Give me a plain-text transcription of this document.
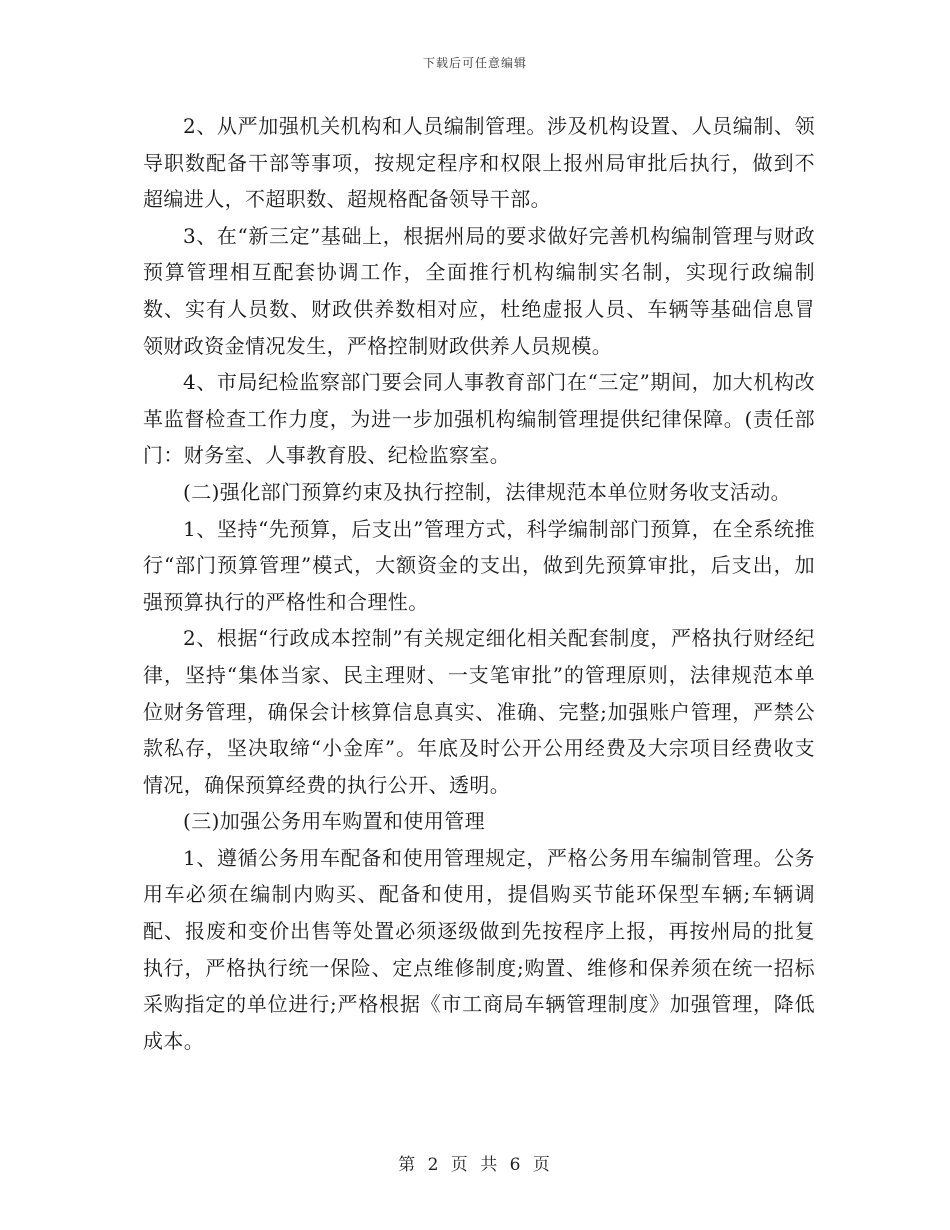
下载后可任意编辑

2、从严加强机关机构和人员编制管理。涉及机构设置、人员编制、领导职数配备干部等事项，按规定程序和权限上报州局审批后执行，做到不超编进人，不超职数、超规格配备领导干部。

3、在“新三定”基础上，根据州局的要求做好完善机构编制管理与财政预算管理相互配套协调工作，全面推行机构编制实名制，实现行政编制数、实有人员数、财政供养数相对应，杜绝虚报人员、车辆等基础信息冒领财政资金情况发生，严格控制财政供养人员规模。

4、市局纪检监察部门要会同人事教育部门在“三定”期间，加大机构改革监督检查工作力度，为进一步加强机构编制管理提供纪律保障。(责任部门：财务室、人事教育股、纪检监察室。

(二)强化部门预算约束及执行控制，法律规范本单位财务收支活动。

1、坚持“先预算，后支出”管理方式，科学编制部门预算，在全系统推行“部门预算管理”模式，大额资金的支出，做到先预算审批，后支出，加强预算执行的严格性和合理性。

2、根据“行政成本控制”有关规定细化相关配套制度，严格执行财经纪律，坚持“集体当家、民主理财、一支笔审批”的管理原则，法律规范本单位财务管理，确保会计核算信息真实、准确、完整;加强账户管理，严禁公款私存，坚决取缔“小金库”。年底及时公开公用经费及大宗项目经费收支情况，确保预算经费的执行公开、透明。

(三)加强公务用车购置和使用管理

1、遵循公务用车配备和使用管理规定，严格公务用车编制管理。公务用车必须在编制内购买、配备和使用，提倡购买节能环保型车辆;车辆调配、报废和变价出售等处置必须逐级做到先按程序上报，再按州局的批复执行，严格执行统一保险、定点维修制度;购置、维修和保养须在统一招标采购指定的单位进行;严格根据《市工商局车辆管理制度》加强管理，降低成本。

第 2 页 共 6 页
